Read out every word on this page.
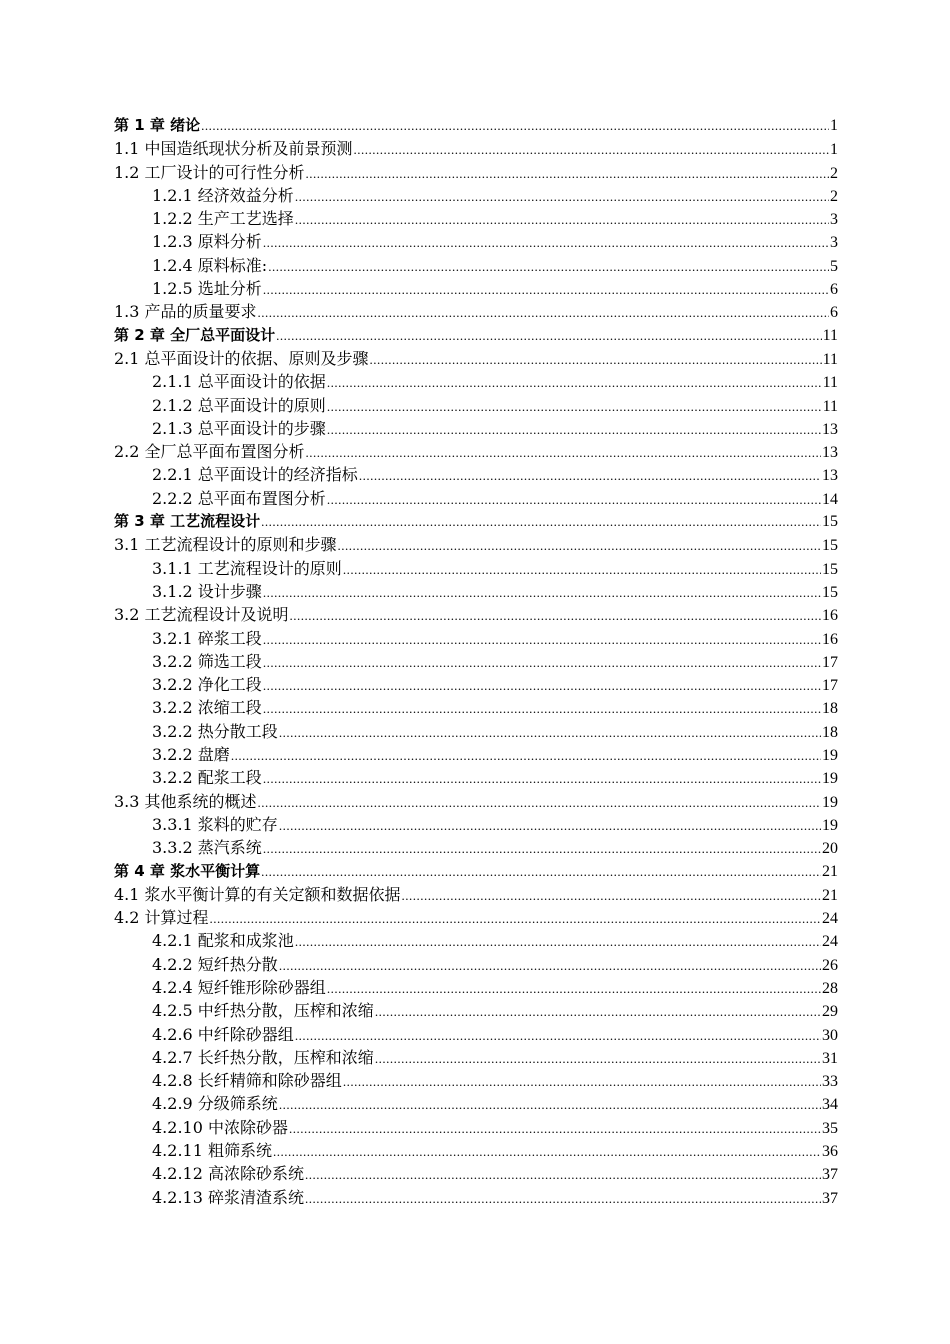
第 1 章 绪论 .....	1
1.1 中国造纸现状分析及前景预测 .....	1
1.2 工厂设计的可行性分析 .....	2
1.2.1 经济效益分析 .....	2
1.2.2 生产工艺选择 .....	3
1.2.3 原料分析 .....	3
1.2.4 原料标准: .....	5
1.2.5 选址分析 .....	6
1.3 产品的质量要求 .....	6
第 2 章 全厂总平面设计 .....	11
2.1 总平面设计的依据、原则及步骤 .....	11
2.1.1 总平面设计的依据 .....	11
2.1.2 总平面设计的原则 .....	11
2.1.3 总平面设计的步骤 .....	13
2.2 全厂总平面布置图分析 .....	13
2.2.1 总平面设计的经济指标 .....	13
2.2.2 总平面布置图分析 .....	14
第 3 章 工艺流程设计 .....	15
3.1 工艺流程设计的原则和步骤 .....	15
3.1.1 工艺流程设计的原则 .....	15
3.1.2 设计步骤 .....	15
3.2 工艺流程设计及说明 .....	16
3.2.1 碎浆工段 .....	16
3.2.2 筛选工段 .....	17
3.2.2 净化工段 .....	17
3.2.2 浓缩工段 .....	18
3.2.2 热分散工段 .....	18
3.2.2 盘磨 .....	19
3.2.2 配浆工段 .....	19
3.3 其他系统的概述 .....	19
3.3.1 浆料的贮存 .....	19
3.3.2 蒸汽系统 .....	20
第 4 章 浆水平衡计算 .....	21
4.1 浆水平衡计算的有关定额和数据依据 .....	21
4.2 计算过程 .....	24
4.2.1 配浆和成浆池 .....	24
4.2.2 短纤热分散 .....	26
4.2.4 短纤锥形除砂器组 .....	28
4.2.5 中纤热分散，压榨和浓缩 .....	29
4.2.6 中纤除砂器组 .....	30
4.2.7 长纤热分散，压榨和浓缩 .....	31
4.2.8 长纤精筛和除砂器组 .....	33
4.2.9 分级筛系统 .....	34
4.2.10 中浓除砂器 .....	35
4.2.11 粗筛系统 .....	36
4.2.12 高浓除砂系统 .....	37
4.2.13 碎浆清渣系统 .....	37
